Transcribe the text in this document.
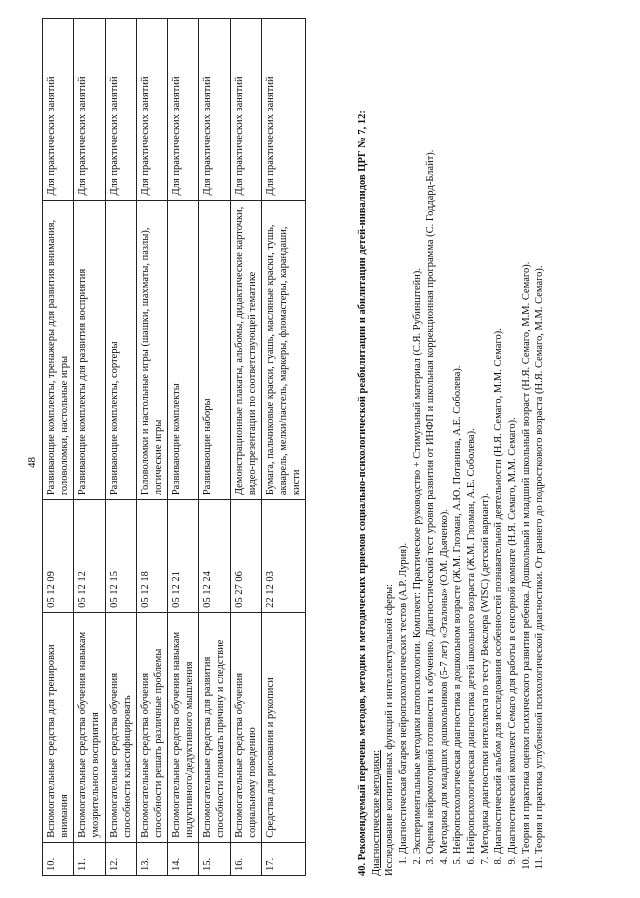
48
10.	Вспомогательные средства для тренировки внимания	05 12 09	Развивающие комплекты, тренажеры для развития внимания, головоломки, настольные игры	Для практических занятий
11.	Вспомогательные средства обучения навыкам умозрительного восприятия	05 12 12	Развивающие комплекты для развития восприятия	Для практических занятий
12.	Вспомогательные средства обучения способности классифицировать	05 12 15	Развивающие комплекты, сортеры	Для практических занятий
13.	Вспомогательные средства обучения способности решать различные проблемы	05 12 18	Головоломки и настольные игры (шашки, шахматы, пазлы), логические игры	Для практических занятий
14.	Вспомогательные средства обучения навыкам индуктивного/дедуктивного мышления	05 12 21	Развивающие комплекты	Для практических занятий
15.	Вспомогательные средства для развития способности понимать причину и следствие	05 12 24	Развивающие наборы	Для практических занятий
16.	Вспомогательные средства обучения социальному поведению	05 27 06	Демонстрационные плакаты, альбомы, дидактические карточки, видео-презентации по соответствующей тематике	Для практических занятий
17.	Средства для рисования и рукописи	22 12 03	Бумага, пальчиковые краски, гуашь, масляные краски, тушь, акварель, мелки/пастель, маркеры, фломастеры, карандаши, кисти	Для практических занятий	40. Рекомендуемый перечень методов, методик и методических приемов социально-психологической реабилитации и абилитации детей-инвалидов ЦРГ № 7, 12: Диагностические методики: Исследование когнитивных функций и интеллектуальной сферы: 1. Диагностическая батарея нейропсихологических тестов (А.Р. Лурия). 2. Экспериментальные методики патопсихологии. Комплект: Практическое руководство + Стимульный материал (С.Я. Рубинштейн). 3. Оценка нейромоторной готовности к обучению. Диагностический тест уровня развития от ИНФП и школьная коррекционная программа (С. Годдард-Блайт). 4. Методика для младших дошкольников (5-7 лет) «Эталоны» (О.М. Дьяченко). 5. Нейропсихологическая диагностика в дошкольном возрасте (Ж.М. Глозман, А.Ю. Потанина, А.Е. Соболева). 6. Нейропсихологическая диагностика детей школьного возраста (Ж.М. Глозман, А.Е. Соболева). 7. Методика диагностики интеллекта по тесту Векслера (WISC) (детский вариант). 8. Диагностический альбом для исследования особенностей познавательной деятельности (Н.Я. Семаго, М.М. Семаго). 9. Диагностический комплект Семаго для работы в сенсорной комнате (Н.Я. Семаго, М.М. Семаго). 10. Теория и практика оценки психического развития ребенка. Дошкольный и младший школьный возраст (Н.Я. Семаго, М.М. Семаго). 11. Теория и практика углубленной психологической диагностики. От раннего до подросткового возраста (Н.Я. Семаго, М.М. Семаго).
